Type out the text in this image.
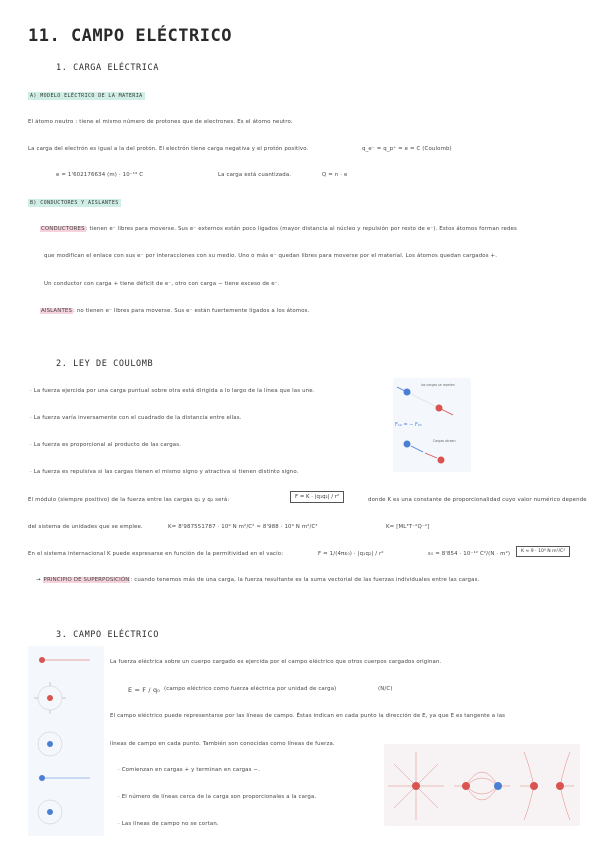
11. CAMPO ELÉCTRICO
1. CARGA ELÉCTRICA
A) MODELO ELÉCTRICO DE LA MATERIA
El átomo neutro : tiene el mismo número de protones que de electrones. Es el átomo neutro.
La carga del electrón es igual a la del protón. El electrón tiene carga negativa y el protón positivo.	q_e⁻ = q_p⁺ = e = C (Coulomb)
e = 1'602176634 (m) · 10⁻¹⁹ C	La carga está cuantizada.	Q = n · e
B) CONDUCTORES Y AISLANTES
CONDUCTORES: tienen e⁻ libres para moverse. Sus e⁻ externos están poco ligados (mayor distancia al núcleo y repulsión por resto de e⁻). Estos átomos forman redes
que modifican el enlace con sus e⁻ por interacciones con su medio. Uno o más e⁻ quedan libres para moverse por el material. Los átomos quedan cargados +.
Un conductor con carga + tiene déficit de e⁻, otro con carga − tiene exceso de e⁻.
AISLANTES: no tienen e⁻ libres para moverse. Sus e⁻ están fuertemente ligados a los átomos.
2. LEY DE COULOMB
· La fuerza ejercida por una carga puntual sobre otra está dirigida a lo largo de la línea que las une.
· La fuerza varía inversamente con el cuadrado de la distancia entre ellas.
· La fuerza es proporcional al producto de las cargas.
· La fuerza es repulsiva si las cargas tienen el mismo signo y atractiva si tienen distinto signo.
las cargas se repelen
F₁₂ = − F₂₁
Cargas atraen
El módulo (siempre positivo) de la fuerza entre las cargas q₁ y q₂ será:	F = K · |q₁q₂| / r²	donde K es una constante de proporcionalidad cuyo valor numérico depende
del sistema de unidades que se emplee.	K= 8'987551787 · 10⁹ N m²/C² ≈ 8'988 · 10⁹ N m²/C²	K= [ML³T⁻²Q⁻²]
En el sistema internacional K puede expresarse en función de la permitividad en el vacío:	F = 1/(4πε₀) · |q₁q₂| / r²	ε₀ = 8'854 · 10⁻¹² C²/(N · m²)	K ≈ 9 · 10⁹ N m²/C²
→ PRINCIPIO DE SUPERPOSICIÓN: cuando tenemos más de una carga, la fuerza resultante es la suma vectorial de las fuerzas individuales entre las cargas.
3. CAMPO ELÉCTRICO
La fuerza eléctrica sobre un cuerpo cargado es ejercida por el campo eléctrico que otros cuerpos cargados originan.
E = F / q₀ (campo eléctrico como fuerza eléctrica por unidad de carga)	(N/C)
El campo eléctrico puede representarse por las líneas de campo. Éstas indican en cada punto la dirección de E, ya que E es tangente a las
líneas de campo en cada punto. También son conocidas como líneas de fuerza.
· Comienzan en cargas + y terminan en cargas −.
· El número de líneas cerca de la carga son proporcionales a la carga.
· Las líneas de campo no se cortan.
